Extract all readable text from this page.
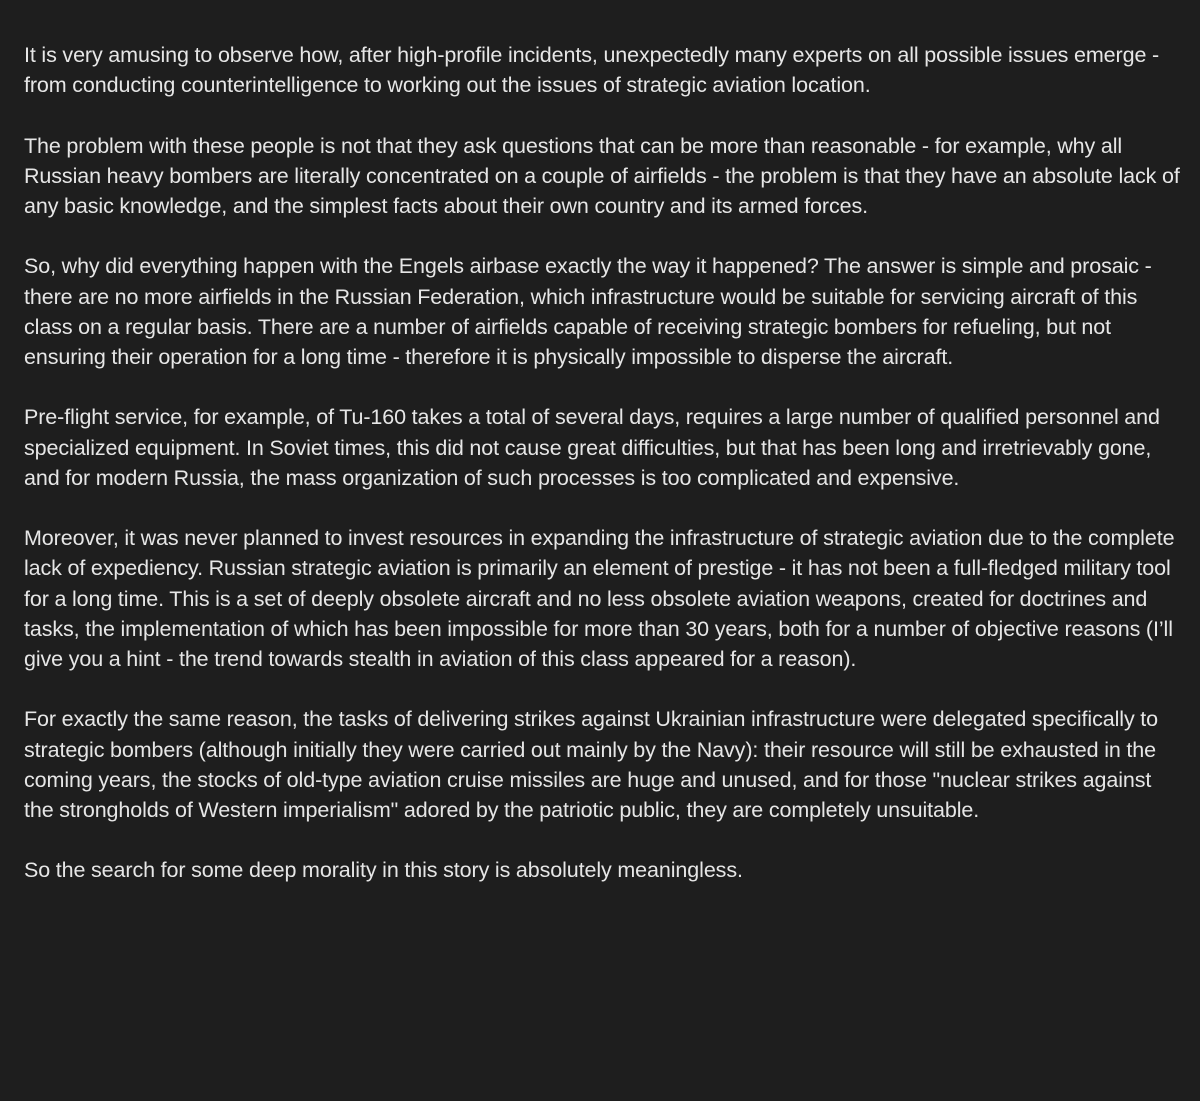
It is very amusing to observe how, after high-profile incidents, unexpectedly many experts on all possible issues emerge - from conducting counterintelligence to working out the issues of strategic aviation location.

The problem with these people is not that they ask questions that can be more than reasonable - for example, why all Russian heavy bombers are literally concentrated on a couple of airfields - the problem is that they have an absolute lack of any basic knowledge, and the simplest facts about their own country and its armed forces.

So, why did everything happen with the Engels airbase exactly the way it happened? The answer is simple and prosaic - there are no more airfields in the Russian Federation, which infrastructure would be suitable for servicing aircraft of this class on a regular basis. There are a number of airfields capable of receiving strategic bombers for refueling, but not ensuring their operation for a long time - therefore it is physically impossible to disperse the aircraft.

Pre-flight service, for example, of Tu-160 takes a total of several days, requires a large number of qualified personnel and specialized equipment. In Soviet times, this did not cause great difficulties, but that has been long and irretrievably gone, and for modern Russia, the mass organization of such processes is too complicated and expensive.

Moreover, it was never planned to invest resources in expanding the infrastructure of strategic aviation due to the complete lack of expediency. Russian strategic aviation is primarily an element of prestige - it has not been a full-fledged military tool for a long time. This is a set of deeply obsolete aircraft and no less obsolete aviation weapons, created for doctrines and tasks, the implementation of which has been impossible for more than 30 years, both for a number of objective reasons (I’ll give you a hint - the trend towards stealth in aviation of this class appeared for a reason).

For exactly the same reason, the tasks of delivering strikes against Ukrainian infrastructure were delegated specifically to strategic bombers (although initially they were carried out mainly by the Navy): their resource will still be exhausted in the coming years, the stocks of old-type aviation cruise missiles are huge and unused, and for those "nuclear strikes against the strongholds of Western imperialism" adored by the patriotic public, they are completely unsuitable.

So the search for some deep morality in this story is absolutely meaningless.
